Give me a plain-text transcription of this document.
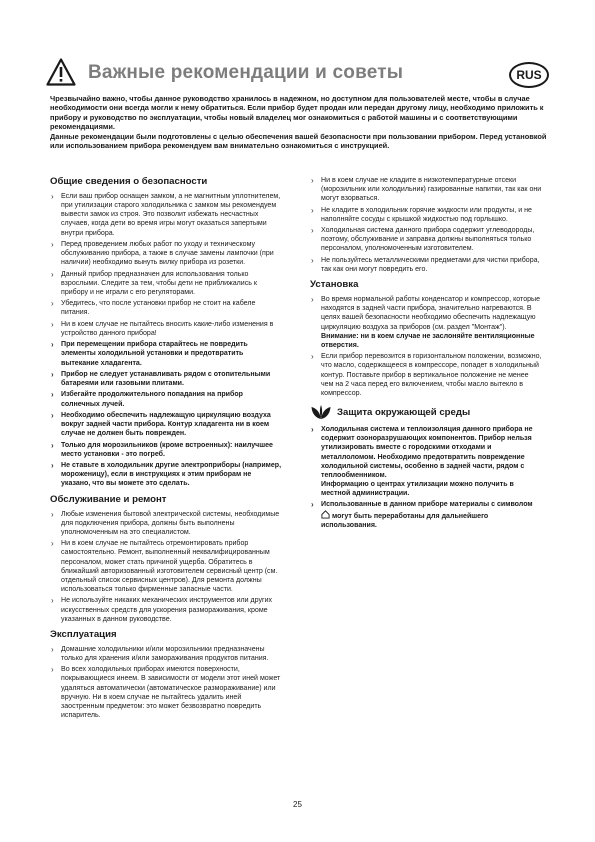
Важные рекомендации и советы	RUS

Чрезвычайно важно, чтобы данное руководство хранилось в надежном, но доступном для пользователей месте, чтобы в случае необходимости они всегда могли к нему обратиться. Если прибор будет продан или передан другому лицу, необходимо приложить к прибору и руководство по эксплуатации, чтобы новый владелец мог ознакомиться с работой машины и с соответствующими рекомендациями.

Данные рекомендации были подготовлены с целью обеспечения вашей безопасности при пользовании прибором. Перед установкой или использованием прибора рекомендуем вам внимательно ознакомиться с инструкцией.

Общие сведения о безопасности
› Если ваш прибор оснащен замком, а не магнитным уплотнителем, при утилизации старого холодильника с замком мы рекомендуем вывести замок из строя. Это позволит избежать несчастных случаев, когда дети во время игры могут оказаться запертыми внутри прибора.
› Перед проведением любых работ по уходу и техническому обслуживанию прибора, а также в случае замены лампочки (при наличии) необходимо вынуть вилку прибора из розетки.
› Данный прибор предназначен для использования только взрослыми. Следите за тем, чтобы дети не приближались к прибору и не играли с его регуляторами.
› Убедитесь, что после установки прибор не стоит на кабеле питания.
› Ни в коем случае не пытайтесь вносить какие-либо изменения в устройство данного прибора!
› При перемещении прибора старайтесь не повредить элементы холодильной установки и предотвратить вытекание хладагента.
› Прибор не следует устанавливать рядом с отопительными батареями или газовыми плитами.
› Избегайте продолжительного попадания на прибор солнечных лучей.
› Необходимо обеспечить надлежащую циркуляцию воздуха вокруг задней части прибора. Контур хладагента ни в коем случае не должен быть поврежден.
› Только для морозильников (кроме встроенных): наилучшее место установки - это погреб.
› Не ставьте в холодильник другие электроприборы (например, мороженицу), если в инструкциях к этим приборам не указано, что вы можете это сделать.
Обслуживание и ремонт
› Любые изменения бытовой электрической системы, необходимые для подключения прибора, должны быть выполнены уполномоченным на это специалистом.
› Ни в коем случае не пытайтесь отремонтировать прибор самостоятельно. Ремонт, выполненный неквалифицированным персоналом, может стать причиной ущерба. Обратитесь в ближайший авторизованный изготовителем сервисный центр (см. отдельный список сервисных центров). Для ремонта должны использоваться только фирменные запасные части.
› Не используйте никаких механических инструментов или других искусственных средств для ускорения размораживания, кроме указанных в данном руководстве.
Эксплуатация
› Домашние холодильники и/или морозильники предназначены только для хранения и/или замораживания продуктов питания.
› Во всех холодильных приборах имеются поверхности, покрывающиеся инеем. В зависимости от модели этот иней может удаляться автоматически (автоматическое размораживание) или вручную. Ни в коем случае не пытайтесь удалить иней заостренным предметом: это может безвозвратно повредить испаритель.
› Ни в коем случае не кладите в низкотемпературные отсеки (морозильник или холодильник) газированные напитки, так как они могут взорваться.
› Не кладите в холодильник горячие жидкости или продукты, и не наполняйте сосуды с крышкой жидкостью под горлышко.
› Холодильная система данного прибора содержит углеводороды, поэтому, обслуживание и заправка должны выполняться только персоналом, уполномоченным изготовителем.
› Не пользуйтесь металлическими предметами для чистки прибора, так как они могут повредить его.
Установка
› Во время нормальной работы конденсатор и компрессор, которые находятся в задней части прибора, значительно нагреваются. В целях вашей безопасности необходимо обеспечить надлежащую циркуляцию воздуха за приборов (см. раздел "Монтаж").
Внимание: ни в коем случае не заслоняйте вентиляционные отверстия.
› Если прибор перевозится в горизонтальном положении, возможно, что масло, содержащееся в компрессоре, попадет в холодильный контур. Поставьте прибор в вертикальное положение не менее чем на 2 часа перед его включением, чтобы масло вытекло в компрессор.
Защита окружающей среды
› Холодильная система и теплоизоляция данного прибора не содержит озоноразрушающих компонентов. Прибор нельзя утилизировать вместе с городскими отходами и металлоломом. Необходимо предотвратить повреждение холодильной системы, особенно в задней части, рядом с теплообменником.
Информацию о центрах утилизации можно получить в местной администрации.
› Использованные в данном приборе материалы с символом  могут быть переработаны для дальнейшего использования.
25
